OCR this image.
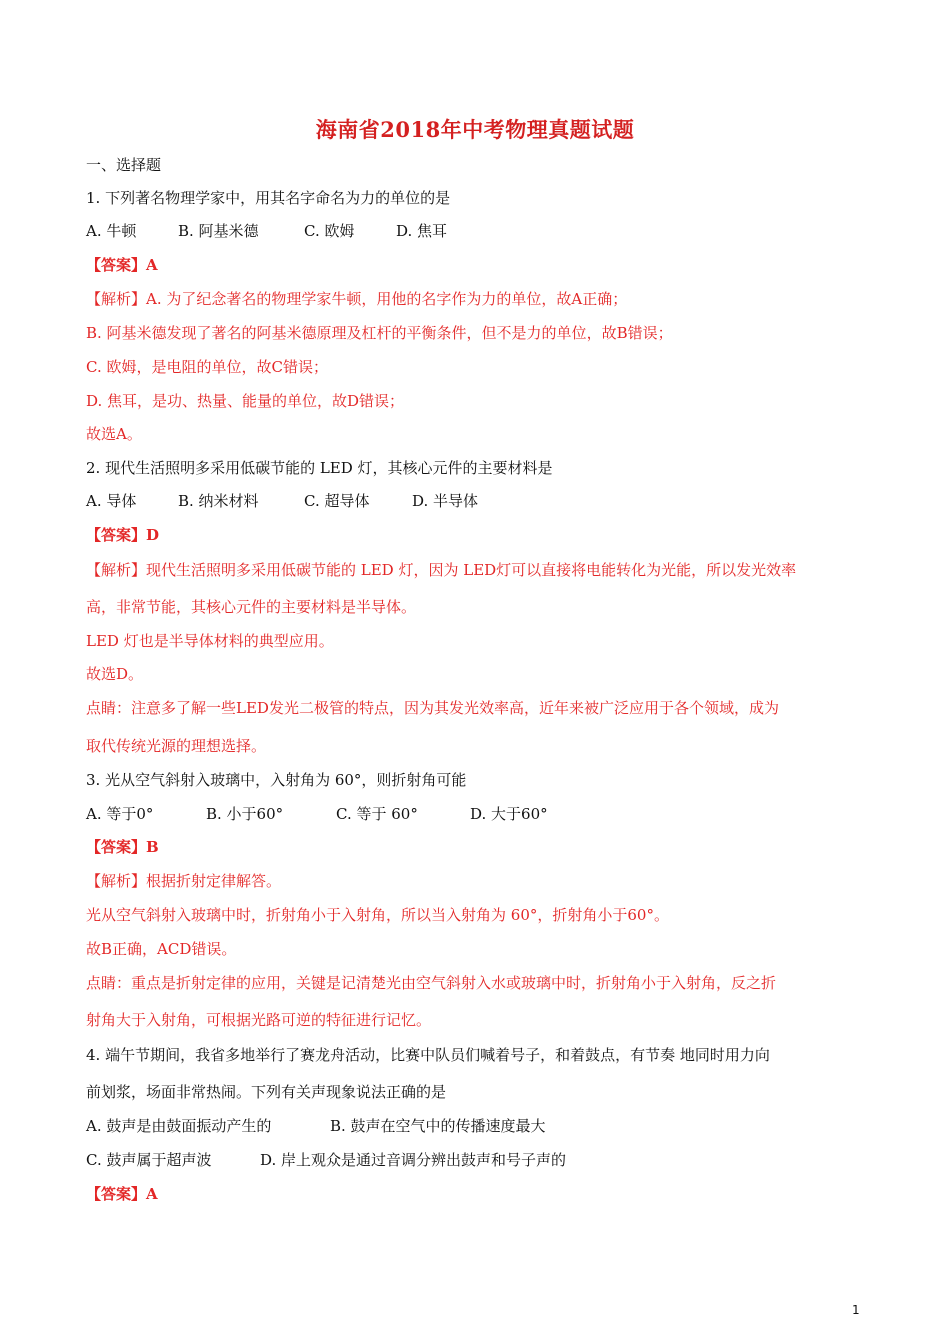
海南省2018年中考物理真题试题
一、选择题
1. 下列著名物理学家中，用其名字命名为力的单位的是
A. 牛顿	B. 阿基米德	C. 欧姆	D. 焦耳
【答案】A
【解析】A. 为了纪念著名的物理学家牛顿，用他的名字作为力的单位，故A正确；
B. 阿基米德发现了著名的阿基米德原理及杠杆的平衡条件，但不是力的单位，故B错误；
C. 欧姆，是电阻的单位，故C错误；
D. 焦耳，是功、热量、能量的单位，故D错误；
故选A。
2. 现代生活照明多采用低碳节能的 LED 灯，其核心元件的主要材料是
A. 导体	B. 纳米材料	C. 超导体	D. 半导体
【答案】D
【解析】现代生活照明多采用低碳节能的 LED 灯，因为 LED灯可以直接将电能转化为光能，所以发光效率
高，非常节能，其核心元件的主要材料是半导体。
LED 灯也是半导体材料的典型应用。
故选D。
点睛：注意多了解一些LED发光二极管的特点，因为其发光效率高，近年来被广泛应用于各个领域，成为
取代传统光源的理想选择。
3. 光从空气斜射入玻璃中，入射角为 60°，则折射角可能
A. 等于0°	B. 小于60°	C. 等于 60°	D. 大于60°
【答案】B
【解析】根据折射定律解答。
光从空气斜射入玻璃中时，折射角小于入射角，所以当入射角为 60°，折射角小于60°。
故B正确，ACD错误。
点睛：重点是折射定律的应用，关键是记清楚光由空气斜射入水或玻璃中时，折射角小于入射角，反之折
射角大于入射角，可根据光路可逆的特征进行记忆。
4. 端午节期间，我省多地举行了赛龙舟活动，比赛中队员们喊着号子，和着鼓点，有节奏 地同时用力向
前划浆，场面非常热闹。下列有关声现象说法正确的是
A. 鼓声是由鼓面振动产生的	B. 鼓声在空气中的传播速度最大
C. 鼓声属于超声波	D. 岸上观众是通过音调分辨出鼓声和号子声的
【答案】A
1
